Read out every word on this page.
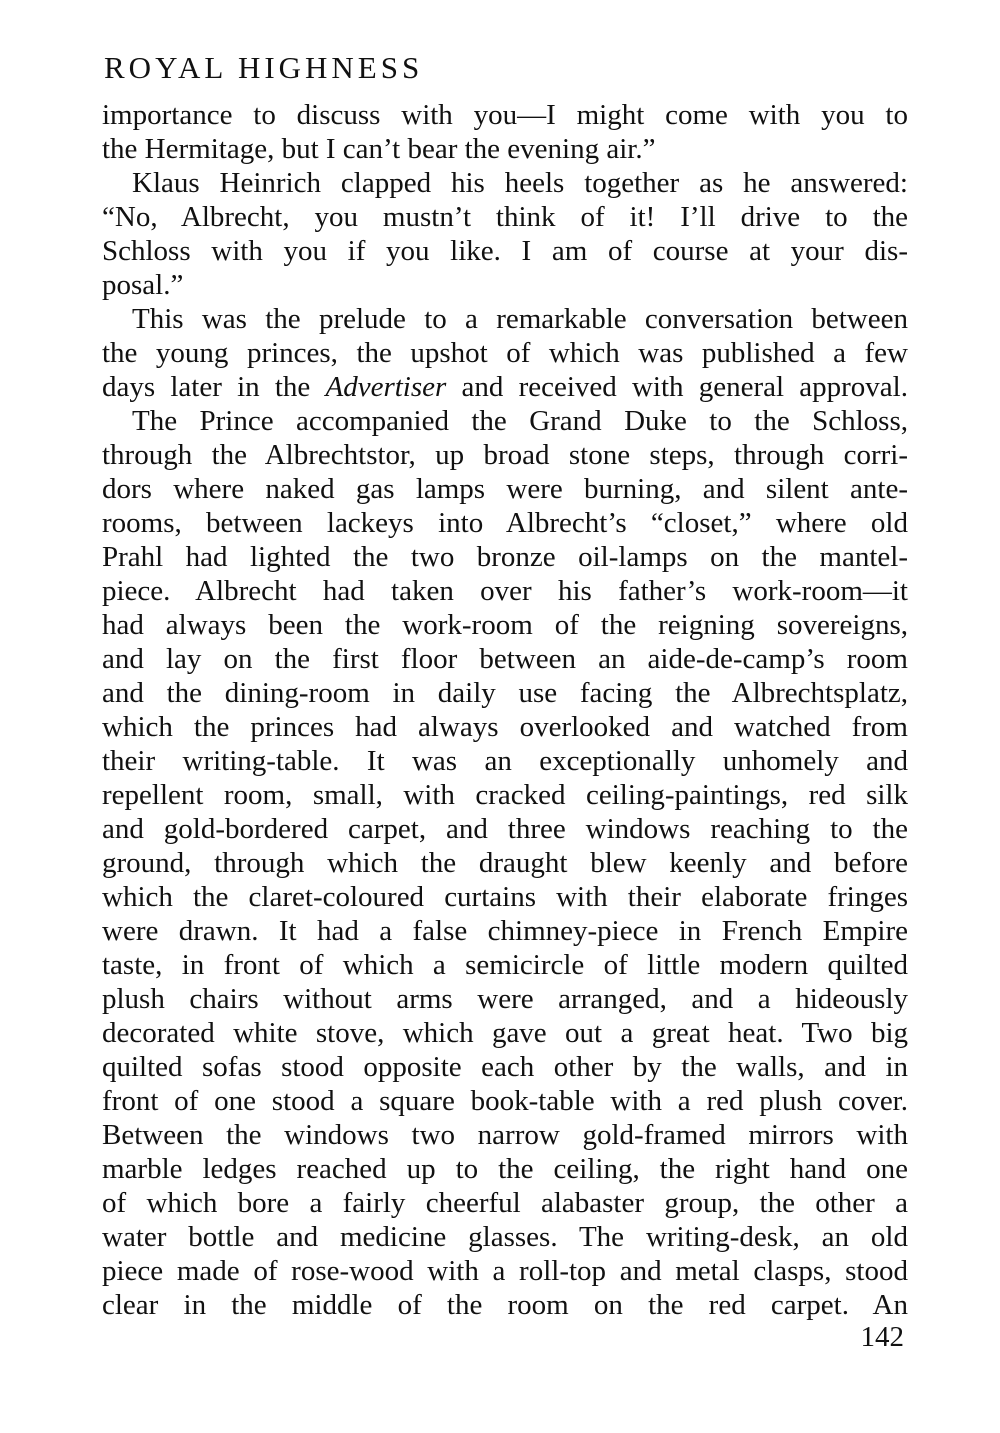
ROYAL HIGHNESS
importance to discuss with you—I might come with you to
the Hermitage, but I can’t bear the evening air.”
Klaus Heinrich clapped his heels together as he answered:
“No, Albrecht, you mustn’t think of it! I’ll drive to the
Schloss with you if you like. I am of course at your dis-
posal.”
This was the prelude to a remarkable conversation between
the young princes, the upshot of which was published a few
days later in the Advertiser and received with general approval.
The Prince accompanied the Grand Duke to the Schloss,
through the Albrechtstor, up broad stone steps, through corri-
dors where naked gas lamps were burning, and silent ante-
rooms, between lackeys into Albrecht’s “closet,” where old
Prahl had lighted the two bronze oil-lamps on the mantel-
piece. Albrecht had taken over his father’s work-room—it
had always been the work-room of the reigning sovereigns,
and lay on the first floor between an aide-de-camp’s room
and the dining-room in daily use facing the Albrechtsplatz,
which the princes had always overlooked and watched from
their writing-table. It was an exceptionally unhomely and
repellent room, small, with cracked ceiling-paintings, red silk
and gold-bordered carpet, and three windows reaching to the
ground, through which the draught blew keenly and before
which the claret-coloured curtains with their elaborate fringes
were drawn. It had a false chimney-piece in French Empire
taste, in front of which a semicircle of little modern quilted
plush chairs without arms were arranged, and a hideously
decorated white stove, which gave out a great heat. Two big
quilted sofas stood opposite each other by the walls, and in
front of one stood a square book-table with a red plush cover.
Between the windows two narrow gold-framed mirrors with
marble ledges reached up to the ceiling, the right hand one
of which bore a fairly cheerful alabaster group, the other a
water bottle and medicine glasses. The writing-desk, an old
piece made of rose-wood with a roll-top and metal clasps, stood
clear in the middle of the room on the red carpet. An
142
